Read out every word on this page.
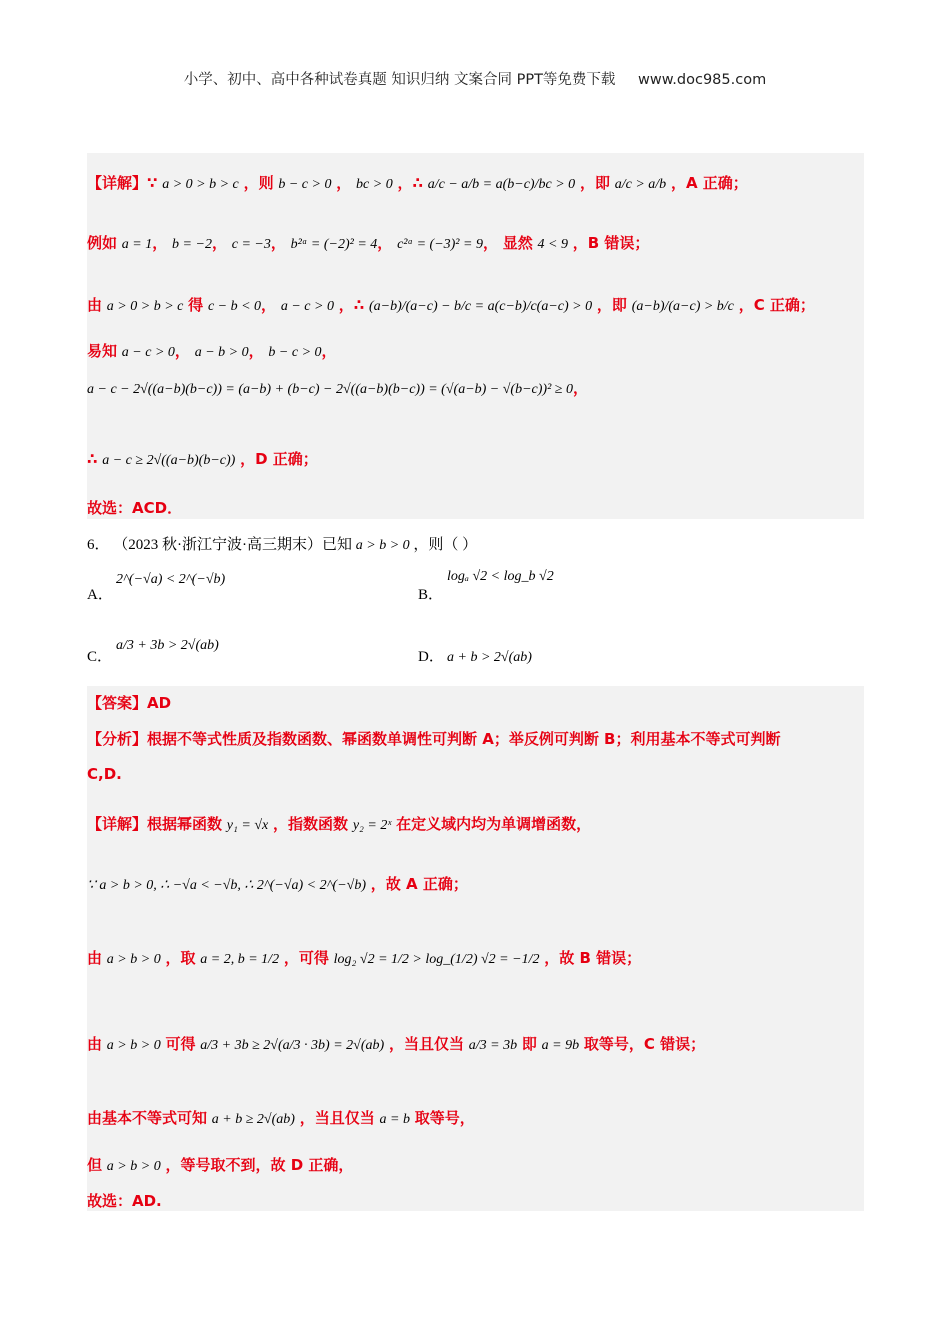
小学、初中、高中各种试卷真题 知识归纳 文案合同 PPT等免费下载 www.doc985.com
【详解】∵ a > 0 > b > c ，则 b − c > 0 ， bc > 0 ，∴ a/c − a/b = a(b−c)/bc > 0 ，即 a/c > a/b ，A 正确；
例如 a = 1， b = −2， c = −3， b²ᵃ = (−2)² = 4， c²ᵃ = (−3)² = 9， 显然 4 < 9 ，B 错误；
由 a > 0 > b > c 得 c − b < 0， a − c > 0 ，∴ (a−b)/(a−c) − b/c = a(c−b)/c(a−c) > 0 ，即 (a−b)/(a−c) > b/c ，C 正确；
易知 a − c > 0， a − b > 0， b − c > 0，
a − c − 2√((a−b)(b−c)) = (a−b) + (b−c) − 2√((a−b)(b−c)) = (√(a−b) − √(b−c))² ≥ 0，
∴ a − c ≥ 2√((a−b)(b−c)) ，D 正确；
故选：ACD．
6． （2023 秋·浙江宁波·高三期末）已知 a > b > 0 ，则（ ）
A．
2^(−√a) < 2^(−√b)
B．
logₐ √2 < log_b √2
C．
a/3 + 3b > 2√(ab)
D． a + b > 2√(ab)
【答案】AD
【分析】根据不等式性质及指数函数、幂函数单调性可判断 A；举反例可判断 B；利用基本不等式可判断
C,D.
【详解】根据幂函数 y₁ = √x ，指数函数 y₂ = 2ˣ 在定义域内均为单调增函数，
∵ a > b > 0, ∴ −√a < −√b, ∴ 2^(−√a) < 2^(−√b) ，故 A 正确；
由 a > b > 0 ，取 a = 2, b = 1/2 ，可得 log₂ √2 = 1/2 > log_(1/2) √2 = −1/2 ，故 B 错误；
由 a > b > 0 可得 a/3 + 3b ≥ 2√(a/3 · 3b) = 2√(ab) ，当且仅当 a/3 = 3b 即 a = 9b 取等号，C 错误；
由基本不等式可知 a + b ≥ 2√(ab) ，当且仅当 a = b 取等号，
但 a > b > 0 ，等号取不到，故 D 正确，
故选：AD.
